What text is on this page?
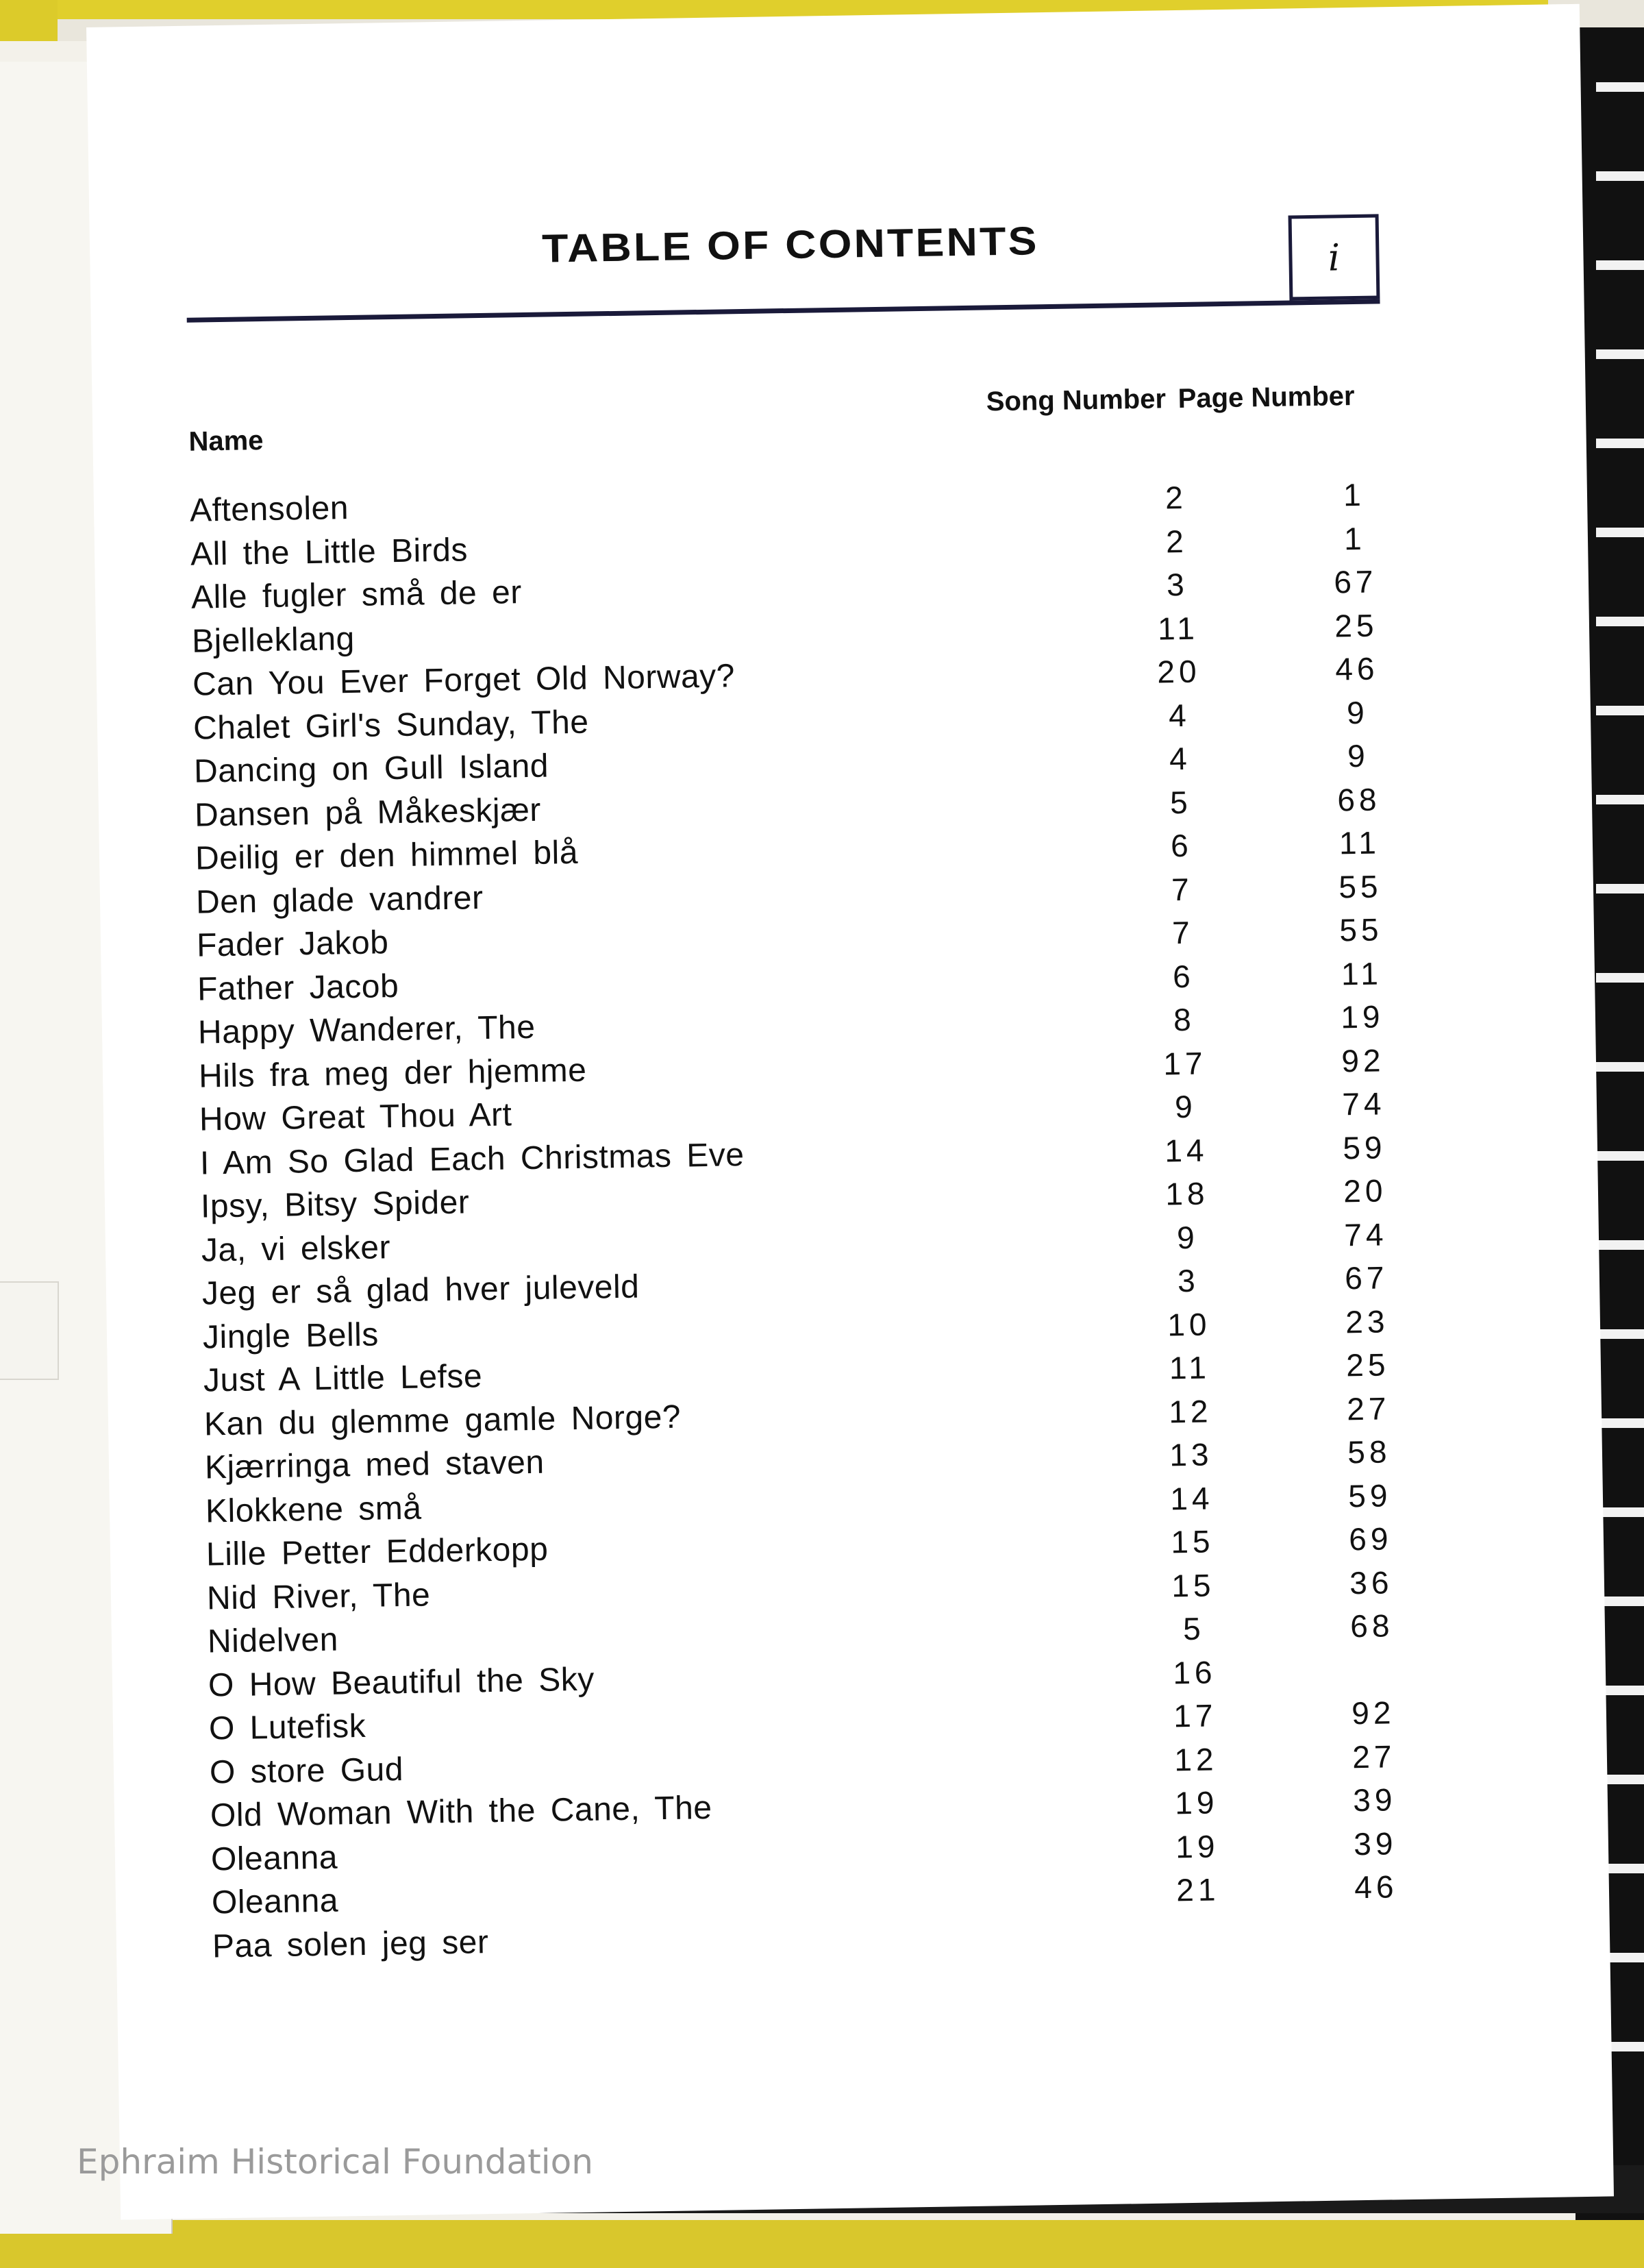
TABLE OF CONTENTS	i
Name
Song Number Page Number
Aftensolen	2	1
All the Little Birds	2	1
Alle fugler små de er	3	67
Bjelleklang	11	25
Can You Ever Forget Old Norway?	20	46
Chalet Girl's Sunday, The	4	9
Dancing on Gull Island	4	9
Dansen på Måkeskjær	5	68
Deilig er den himmel blå	6	11
Den glade vandrer	7	55
Fader Jakob	7	55
Father Jacob	6	11
Happy Wanderer, The	8	19
Hils fra meg der hjemme	17	92
How Great Thou Art	9	74
I Am So Glad Each Christmas Eve	14	59
Ipsy, Bitsy Spider	18	20
Ja, vi elsker	9	74
Jeg er så glad hver juleveld	3	67
Jingle Bells	10	23
Just A Little Lefse	11	25
Kan du glemme gamle Norge?	12	27
Kjærringa med staven	13	58
Klokkene små	14	59
Lille Petter Edderkopp	15	69
Nid River, The	15	36
Nidelven	5	68
O How Beautiful the Sky	16
O Lutefisk	17	92
O store Gud	12	27
Old Woman With the Cane, The	19	39
Oleanna	19	39
Oleanna	21	46
Paa solen jeg ser
Ephraim Historical Foundation
